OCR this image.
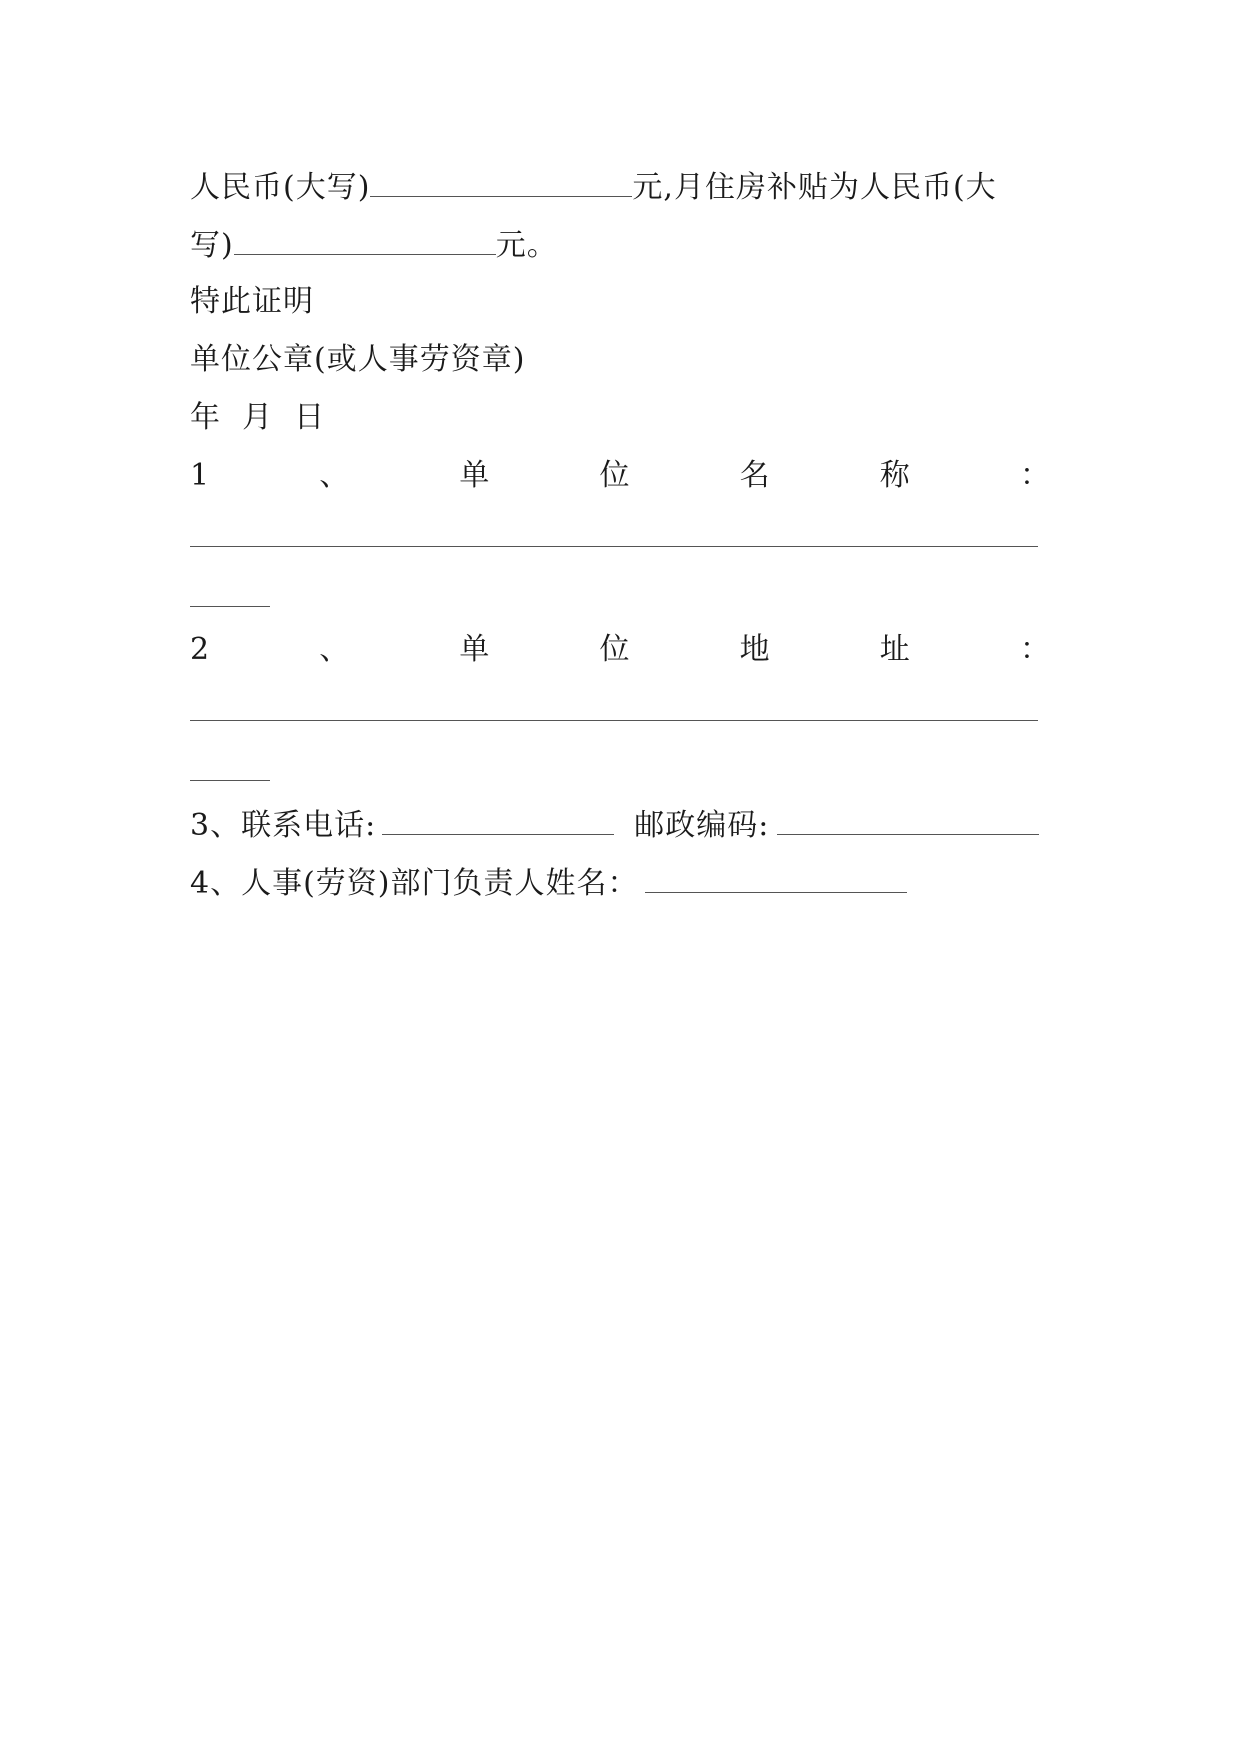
人民币(大写)	元,月住房补贴为人民币(大
写)	元。
特此证明
单位公章(或人事劳资章)
年  月  日
1	、	单	位	名	称	：
2	、	单	位	地	址	：
3、联系电话:	邮政编码:
4、人事(劳资)部门负责人姓名：
